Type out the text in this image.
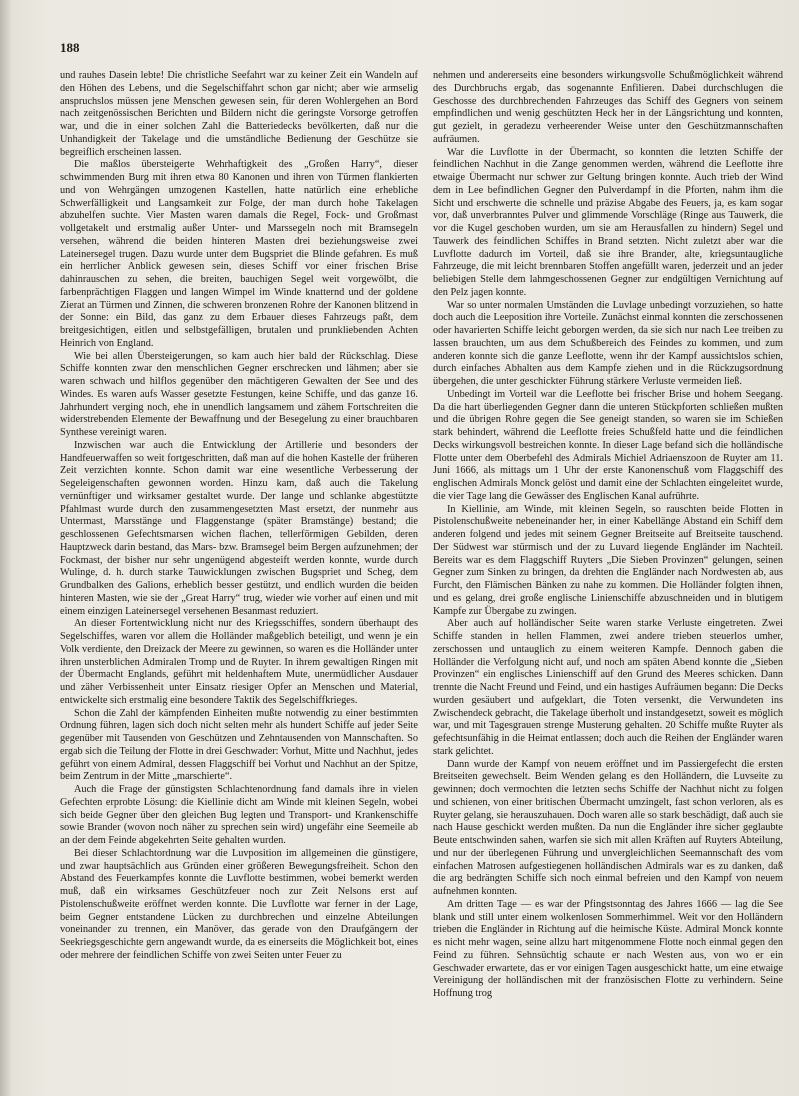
188

und rauhes Dasein lebte! Die christliche Seefahrt war zu keiner Zeit ein Wandeln auf den Höhen des Lebens, und die Segelschiffahrt schon gar nicht; aber wie armselig anspruchslos müssen jene Menschen gewesen sein, für deren Wohlergehen an Bord nach zeitgenössischen Berichten und Bildern nicht die geringste Vorsorge getroffen war, und die in einer solchen Zahl die Batteriedecks bevölkerten, daß nur die Unhandigkeit der Takelage und die umständliche Bedienung der Geschütze sie begreiflich erscheinen lassen.

Die maßlos übersteigerte Wehrhaftigkeit des „Großen Harry“, dieser schwimmenden Burg mit ihren etwa 80 Kanonen und ihren von Türmen flankierten und von Wehrgängen umzogenen Kastellen, hatte natürlich eine erhebliche Schwerfälligkeit und Langsamkeit zur Folge, der man durch hohe Takelagen abzuhelfen suchte. Vier Masten waren damals die Regel, Fock- und Großmast vollgetakelt und erstmalig außer Unter- und Marssegeln noch mit Bramsegeln versehen, während die beiden hinteren Masten drei beziehungsweise zwei Lateinersegel trugen. Dazu wurde unter dem Bugspriet die Blinde gefahren. Es muß ein herrlicher Anblick gewesen sein, dieses Schiff vor einer frischen Brise dahinrauschen zu sehen, die breiten, bauchigen Segel weit vorgewölbt, die farbenprächtigen Flaggen und langen Wimpel im Winde knatternd und der goldene Zierat an Türmen und Zinnen, die schweren bronzenen Rohre der Kanonen blitzend in der Sonne: ein Bild, das ganz zu dem Erbauer dieses Fahrzeugs paßt, dem breitgesichtigen, eitlen und selbstgefälligen, brutalen und prunkliebenden Achten Heinrich von England.

Wie bei allen Übersteigerungen, so kam auch hier bald der Rückschlag. Diese Schiffe konnten zwar den menschlichen Gegner erschrecken und lähmen; aber sie waren schwach und hilflos gegenüber den mächtigeren Gewalten der See und des Windes. Es waren aufs Wasser gesetzte Festungen, keine Schiffe, und das ganze 16. Jahrhundert verging noch, ehe in unendlich langsamem und zähem Fortschreiten die widerstrebenden Elemente der Bewaffnung und der Besegelung zu einer brauchbaren Synthese vereinigt waren.

Inzwischen war auch die Entwicklung der Artillerie und besonders der Handfeuerwaffen so weit fortgeschritten, daß man auf die hohen Kastelle der früheren Zeit verzichten konnte. Schon damit war eine wesentliche Verbesserung der Segeleigenschaften gewonnen worden. Hinzu kam, daß auch die Takelung vernünftiger und wirksamer gestaltet wurde. Der lange und schlanke abgestützte Pfahlmast wurde durch den zusammengesetzten Mast ersetzt, der nunmehr aus Untermast, Marsstänge und Flaggenstange (später Bramstänge) bestand; die geschlossenen Gefechtsmarsen wichen flachen, tellerförmigen Gebilden, deren Hauptzweck darin bestand, das Mars- bzw. Bramsegel beim Bergen aufzunehmen; der Fockmast, der bisher nur sehr ungenügend abgesteift werden konnte, wurde durch Wulinge, d. h. durch starke Tauwicklungen zwischen Bugspriet und Scheg, dem Grundbalken des Galions, erheblich besser gestützt, und endlich wurden die beiden hinteren Masten, wie sie der „Great Harry“ trug, wieder wie vorher auf einen und mit einem einzigen Lateinersegel versehenen Besanmast reduziert.

An dieser Fortentwicklung nicht nur des Kriegsschiffes, sondern überhaupt des Segelschiffes, waren vor allem die Holländer maßgeblich beteiligt, und wenn je ein Volk verdiente, den Dreizack der Meere zu gewinnen, so waren es die Holländer unter ihren unsterblichen Admiralen Tromp und de Ruyter. In ihrem gewaltigen Ringen mit der Übermacht Englands, geführt mit heldenhaftem Mute, unermüdlicher Ausdauer und zäher Verbissenheit unter Einsatz riesiger Opfer an Menschen und Material, entwickelte sich erstmalig eine besondere Taktik des Segelschiffkrieges.

Schon die Zahl der kämpfenden Einheiten mußte notwendig zu einer bestimmten Ordnung führen, lagen sich doch nicht selten mehr als hundert Schiffe auf jeder Seite gegenüber mit Tausenden von Geschützen und Zehntausenden von Mannschaften. So ergab sich die Teilung der Flotte in drei Geschwader: Vorhut, Mitte und Nachhut, jedes geführt von einem Admiral, dessen Flaggschiff bei Vorhut und Nachhut an der Spitze, beim Zentrum in der Mitte „marschierte“.

Auch die Frage der günstigsten Schlachtenordnung fand damals ihre in vielen Gefechten erprobte Lösung: die Kiellinie dicht am Winde mit kleinen Segeln, wobei sich beide Gegner über den gleichen Bug legten und Transport- und Krankenschiffe sowie Brander (wovon noch näher zu sprechen sein wird) ungefähr eine Seemeile ab an der dem Feinde abgekehrten Seite gehalten wurden.

Bei dieser Schlachtordnung war die Luvposition im allgemeinen die günstigere, und zwar hauptsächlich aus Gründen einer größeren Bewegungsfreiheit. Schon den Abstand des Feuerkampfes konnte die Luvflotte bestimmen, wobei bemerkt werden muß, daß ein wirksames Geschützfeuer noch zur Zeit Nelsons erst auf Pistolenschußweite eröffnet werden konnte. Die Luvflotte war ferner in der Lage, beim Gegner entstandene Lücken zu durchbrechen und einzelne Abteilungen voneinander zu trennen, ein Manöver, das gerade von den Draufgängern der Seekriegsgeschichte gern angewandt wurde, da es einerseits die Möglichkeit bot, eines oder mehrere der feindlichen Schiffe von zwei Seiten unter Feuer zu

nehmen und andererseits eine besonders wirkungsvolle Schußmöglichkeit während des Durchbruchs ergab, das sogenannte Enfilieren. Dabei durchschlugen die Geschosse des durchbrechenden Fahrzeuges das Schiff des Gegners von seinem empfindlichen und wenig geschützten Heck her in der Längsrichtung und konnten, gut gezielt, in geradezu verheerender Weise unter den Geschützmannschaften aufräumen.

War die Luvflotte in der Übermacht, so konnten die letzten Schiffe der feindlichen Nachhut in die Zange genommen werden, während die Leeflotte ihre etwaige Übermacht nur schwer zur Geltung bringen konnte. Auch trieb der Wind dem in Lee befindlichen Gegner den Pulverdampf in die Pforten, nahm ihm die Sicht und erschwerte die schnelle und präzise Abgabe des Feuers, ja, es kam sogar vor, daß unverbranntes Pulver und glimmende Vorschläge (Ringe aus Tauwerk, die vor die Kugel geschoben wurden, um sie am Herausfallen zu hindern) Segel und Tauwerk des feindlichen Schiffes in Brand setzten. Nicht zuletzt aber war die Luvflotte dadurch im Vorteil, daß sie ihre Brander, alte, kriegsuntaugliche Fahrzeuge, die mit leicht brennbaren Stoffen angefüllt waren, jederzeit und an jeder beliebigen Stelle dem lahmgeschossenen Gegner zur endgültigen Vernichtung auf den Pelz jagen konnte.

War so unter normalen Umständen die Luvlage unbedingt vorzuziehen, so hatte doch auch die Leeposition ihre Vorteile. Zunächst einmal konnten die zerschossenen oder havarierten Schiffe leicht geborgen werden, da sie sich nur nach Lee treiben zu lassen brauchten, um aus dem Schußbereich des Feindes zu kommen, und zum anderen konnte sich die ganze Leeflotte, wenn ihr der Kampf aussichtslos schien, durch einfaches Abhalten aus dem Kampfe ziehen und in die Rückzugsordnung übergehen, die unter geschickter Führung stärkere Verluste vermeiden ließ.

Unbedingt im Vorteil war die Leeflotte bei frischer Brise und hohem Seegang. Da die hart überliegenden Gegner dann die unteren Stückpforten schließen mußten und die übrigen Rohre gegen die See geneigt standen, so waren sie im Schießen stark behindert, während die Leeflotte freies Schußfeld hatte und die feindlichen Decks wirkungsvoll bestreichen konnte. In dieser Lage befand sich die holländische Flotte unter dem Oberbefehl des Admirals Michiel Adriaenszoon de Ruyter am 11. Juni 1666, als mittags um 1 Uhr der erste Kanonenschuß vom Flaggschiff des englischen Admirals Monck gelöst und damit eine der Schlachten eingeleitet wurde, die vier Tage lang die Gewässer des Englischen Kanal aufrührte.

In Kiellinie, am Winde, mit kleinen Segeln, so rauschten beide Flotten in Pistolenschußweite nebeneinander her, in einer Kabellänge Abstand ein Schiff dem anderen folgend und jedes mit seinem Gegner Breitseite auf Breitseite tauschend. Der Südwest war stürmisch und der zu Luvard liegende Engländer im Nachteil. Bereits war es dem Flaggschiff Ruyters „Die Sieben Provinzen“ gelungen, seinen Gegner zum Sinken zu bringen, da drehten die Engländer nach Nordwesten ab, aus Furcht, den Flämischen Bänken zu nahe zu kommen. Die Holländer folgten ihnen, und es gelang, drei große englische Linienschiffe abzuschneiden und in blutigem Kampfe zur Übergabe zu zwingen.

Aber auch auf holländischer Seite waren starke Verluste eingetreten. Zwei Schiffe standen in hellen Flammen, zwei andere trieben steuerlos umher, zerschossen und untauglich zu einem weiteren Kampfe. Dennoch gaben die Holländer die Verfolgung nicht auf, und noch am späten Abend konnte die „Sieben Provinzen“ ein englisches Linienschiff auf den Grund des Meeres schicken. Dann trennte die Nacht Freund und Feind, und ein hastiges Aufräumen begann: Die Decks wurden gesäubert und aufgeklart, die Toten versenkt, die Verwundeten ins Zwischendeck gebracht, die Takelage überholt und instandgesetzt, soweit es möglich war, und mit Tagesgrauen strenge Musterung gehalten. 20 Schiffe mußte Ruyter als gefechtsunfähig in die Heimat entlassen; doch auch die Reihen der Engländer waren stark gelichtet.

Dann wurde der Kampf von neuem eröffnet und im Passiergefecht die ersten Breitseiten gewechselt. Beim Wenden gelang es den Holländern, die Luvseite zu gewinnen; doch vermochten die letzten sechs Schiffe der Nachhut nicht zu folgen und schienen, von einer britischen Übermacht umzingelt, fast schon verloren, als es Ruyter gelang, sie herauszuhauen. Doch waren alle so stark beschädigt, daß auch sie nach Hause geschickt werden mußten. Da nun die Engländer ihre sicher geglaubte Beute entschwinden sahen, warfen sie sich mit allen Kräften auf Ruyters Abteilung, und nur der überlegenen Führung und unvergleichlichen Seemannschaft des vom einfachen Matrosen aufgestiegenen holländischen Admirals war es zu danken, daß die arg bedrängten Schiffe sich noch einmal befreien und den Kampf von neuem aufnehmen konnten.

Am dritten Tage — es war der Pfingstsonntag des Jahres 1666 — lag die See blank und still unter einem wolkenlosen Sommerhimmel. Weit vor den Holländern trieben die Engländer in Richtung auf die heimische Küste. Admiral Monck konnte es nicht mehr wagen, seine allzu hart mitgenommene Flotte noch einmal gegen den Feind zu führen. Sehnsüchtig schaute er nach Westen aus, von wo er ein Geschwader erwartete, das er vor einigen Tagen ausgeschickt hatte, um eine etwaige Vereinigung der holländischen mit der französischen Flotte zu verhindern. Seine Hoffnung trog
